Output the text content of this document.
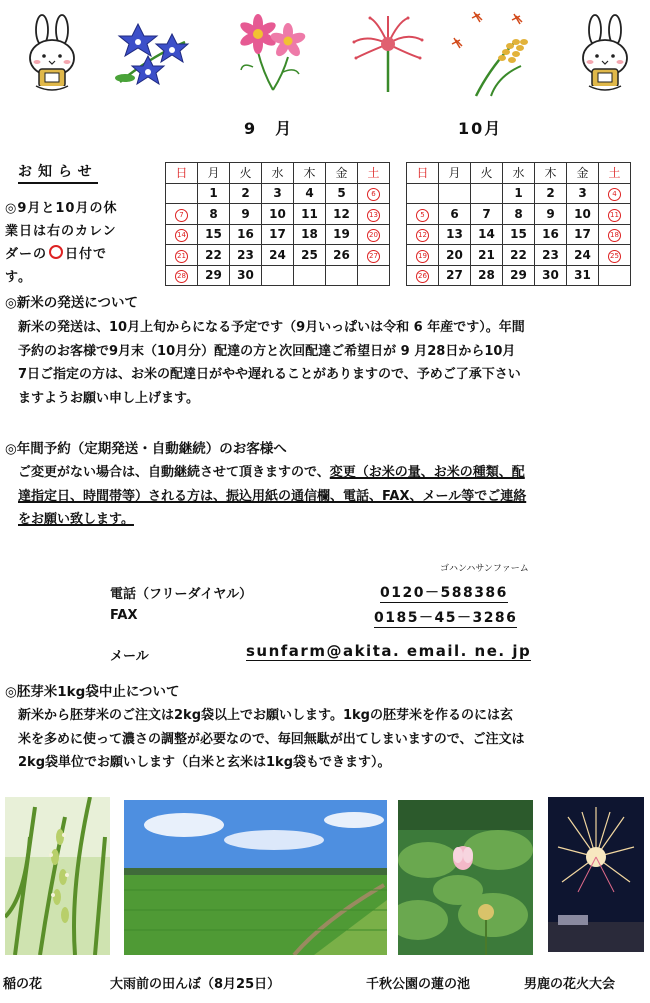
9　月	10月
お知らせ
◎9月と10月の休
業日は右のカレン
ダーの 日付で
す。
日	月	火	水	木	金	土
	1	2	3	4	5	6
7	8	9	10	11	12	13
14	15	16	17	18	19	20
21	22	23	24	25	26	27
28	29	30				
日	月	火	水	木	金	土
			1	2	3	4
5	6	7	8	9	10	11
12	13	14	15	16	17	18
19	20	21	22	23	24	25
26	27	28	29	30	31	
◎新米の発送について
新米の発送は、10月上旬からになる予定です（9月いっぱいは令和 6 年産です）。年間
予約のお客様で9月末（10月分）配達の方と次回配達ご希望日が 9 月28日から10月
7日ご指定の方は、お米の配達日がやや遅れることがありますので、予めご了承下さい
ますようお願い申し上げます。
◎年間予約（定期発送・自動継続）のお客様へ
ご変更がない場合は、自動継続させて頂きますので、変更（お米の量、お米の種類、配
達指定日、時間帯等）される方は、振込用紙の通信欄、電話、FAX、メール等でご連絡
をお願い致します。
ゴハンハサンファーム
電話（フリーダイヤル）	0120－588386
FAX	0185－45－3286
メール	sunfarm@akita. email. ne. jp
◎胚芽米1kg袋中止について
新米から胚芽米のご注文は2kg袋以上でお願いします。1kgの胚芽米を作るのには玄
米を多めに使って濃さの調整が必要なので、毎回無駄が出てしまいますので、ご注文は
2kg袋単位でお願いします（白米と玄米は1kg袋もできます）。
稲の花	大雨前の田んぼ（8月25日）	千秋公園の蓮の池	男鹿の花火大会
